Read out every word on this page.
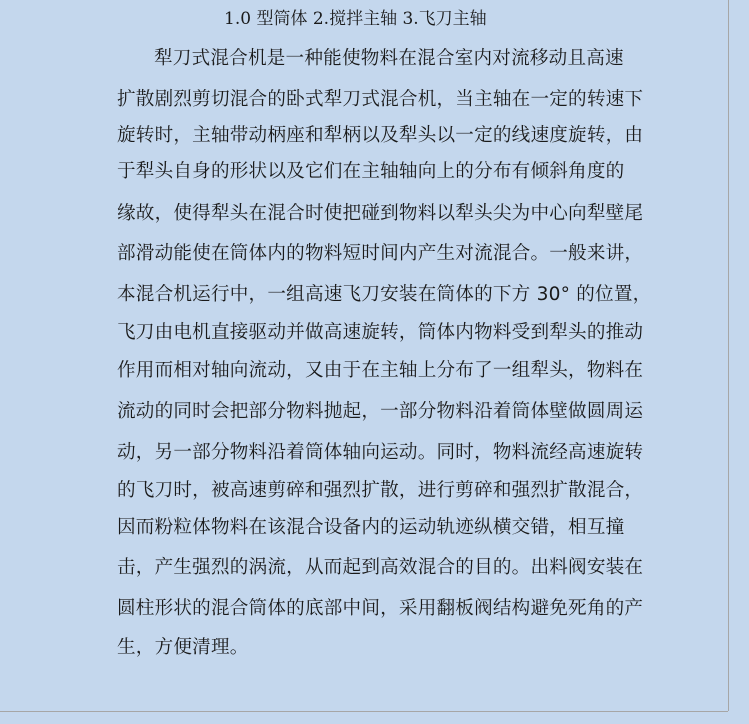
1.0 型筒体 2.搅拌主轴 3.飞刀主轴
犁刀式混合机是一种能使物料在混合室内对流移动且高速
扩散剧烈剪切混合的卧式犁刀式混合机，当主轴在一定的转速下
旋转时，主轴带动柄座和犁柄以及犁头以一定的线速度旋转，由
于犁头自身的形状以及它们在主轴轴向上的分布有倾斜角度的
缘故，使得犁头在混合时使把碰到物料以犁头尖为中心向犁壁尾
部滑动能使在筒体内的物料短时间内产生对流混合。一般来讲，
本混合机运行中，一组高速飞刀安装在筒体的下方 30° 的位置，
飞刀由电机直接驱动并做高速旋转，筒体内物料受到犁头的推动
作用而相对轴向流动，又由于在主轴上分布了一组犁头，物料在
流动的同时会把部分物料抛起，一部分物料沿着筒体壁做圆周运
动，另一部分物料沿着筒体轴向运动。同时，物料流经高速旋转
的飞刀时，被高速剪碎和强烈扩散，进行剪碎和强烈扩散混合，
因而粉粒体物料在该混合设备内的运动轨迹纵横交错，相互撞
击，产生强烈的涡流，从而起到高效混合的目的。出料阀安装在
圆柱形状的混合筒体的底部中间，采用翻板阀结构避免死角的产
生，方便清理。
